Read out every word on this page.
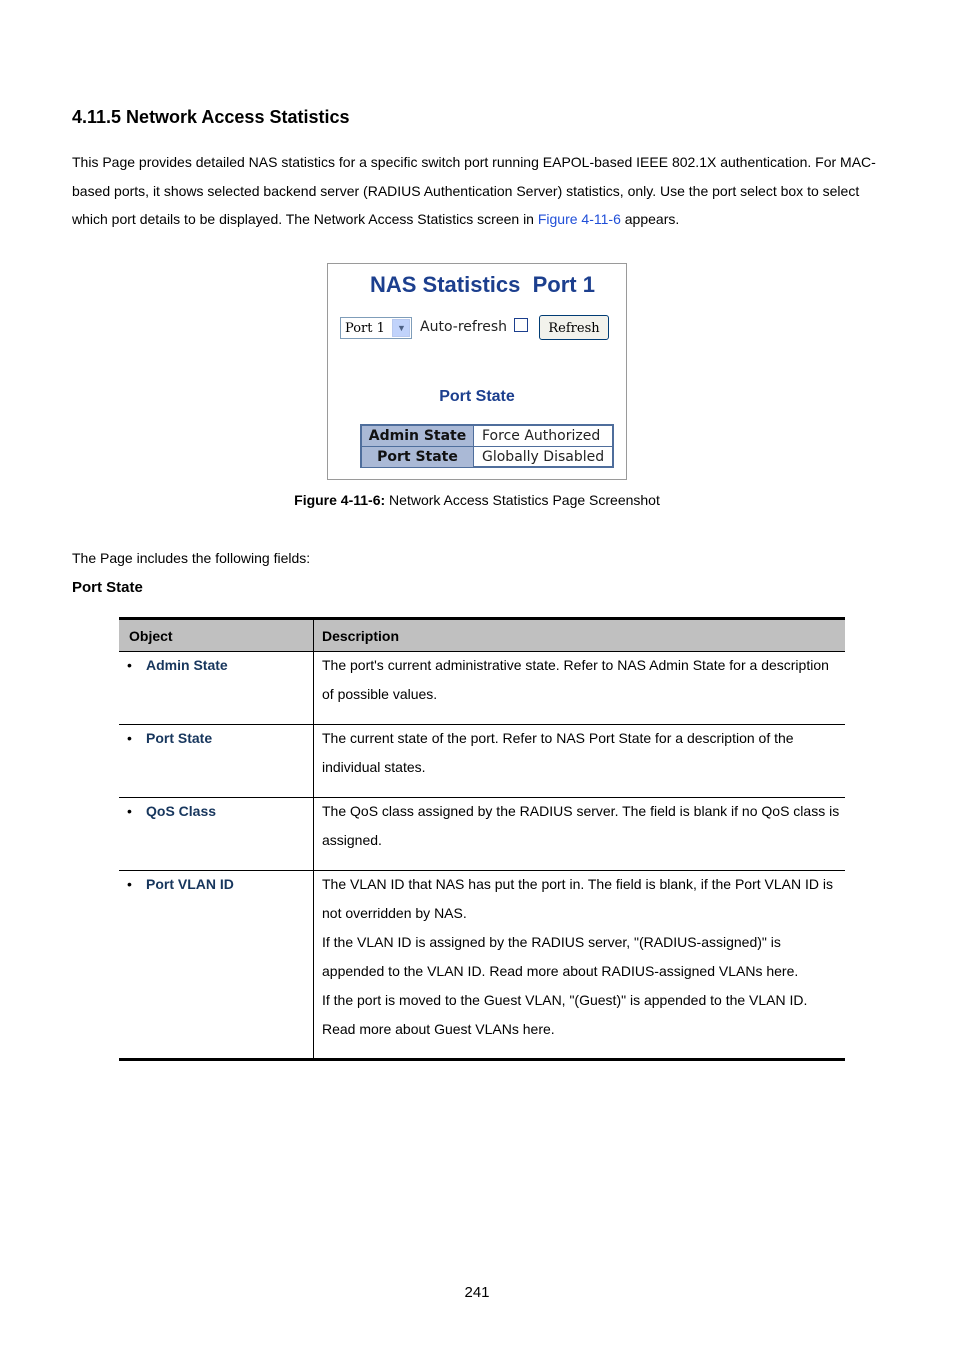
4.11.5 Network Access Statistics

This Page provides detailed NAS statistics for a specific switch port running EAPOL-based IEEE 802.1X authentication. For MAC-based ports, it shows selected backend server (RADIUS Authentication Server) statistics, only. Use the port select box to select which port details to be displayed. The Network Access Statistics screen in Figure 4-11-6 appears.

NAS Statistics  Port 1
Port 1 ▼ Auto-refresh	Refresh
Port State
Admin State	Force Authorized
Port State	Globally Disabled
Figure 4-11-6: Network Access Statistics Page Screenshot
The Page includes the following fields:
Port State
Object	Description
• Admin State	The port's current administrative state. Refer to NAS Admin State for a description of possible values.

• Port State	The current state of the port. Refer to NAS Port State for a description of the individual states.

• QoS Class	The QoS class assigned by the RADIUS server. The field is blank if no QoS class is assigned.

• Port VLAN ID	The VLAN ID that NAS has put the port in. The field is blank, if the Port VLAN ID is not overridden by NAS.

If the VLAN ID is assigned by the RADIUS server, "(RADIUS-assigned)" is appended to the VLAN ID. Read more about RADIUS-assigned VLANs here.

If the port is moved to the Guest VLAN, "(Guest)" is appended to the VLAN ID. Read more about Guest VLANs here.

241
